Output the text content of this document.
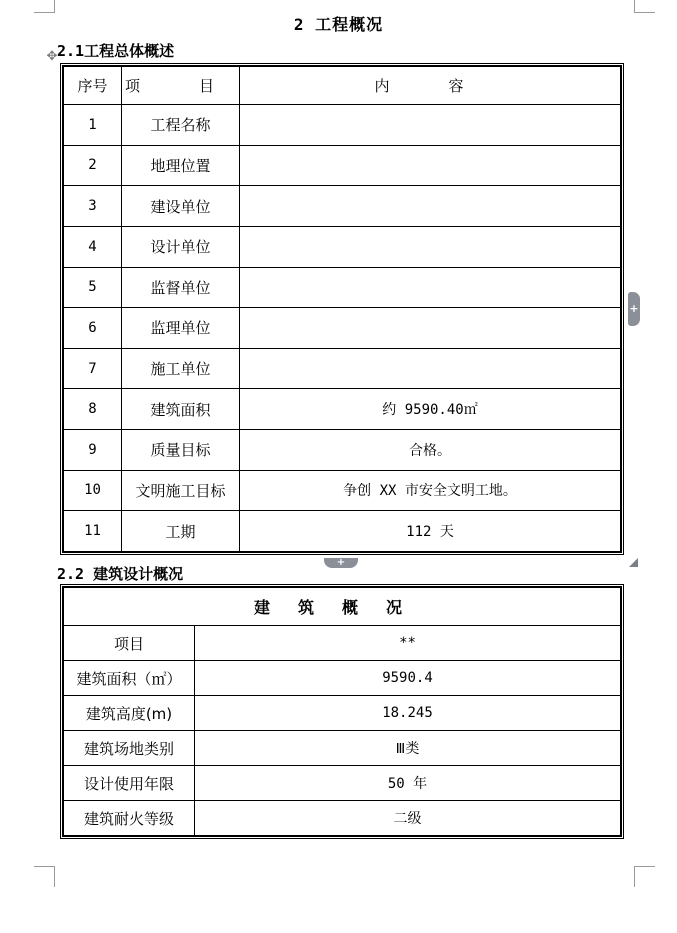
2 工程概况
2.1工程总体概述
✥
序号	项　目	内　容
1	工程名称	
2	地理位置	
3	建设单位	
4	设计单位	
5	监督单位	
6	监理单位	
7	施工单位	
8	建筑面积	约 9590.40㎡
9	质量目标	合格。
10	文明施工目标	争创 XX 市安全文明工地。
11	工期	112 天
+
+
2.2 建筑设计概况
建筑概况	
项目	**
建筑面积（㎡）	9590.4
建筑高度(m)	18.245
建筑场地类别	Ⅲ类
设计使用年限	50 年
建筑耐火等级	二级
